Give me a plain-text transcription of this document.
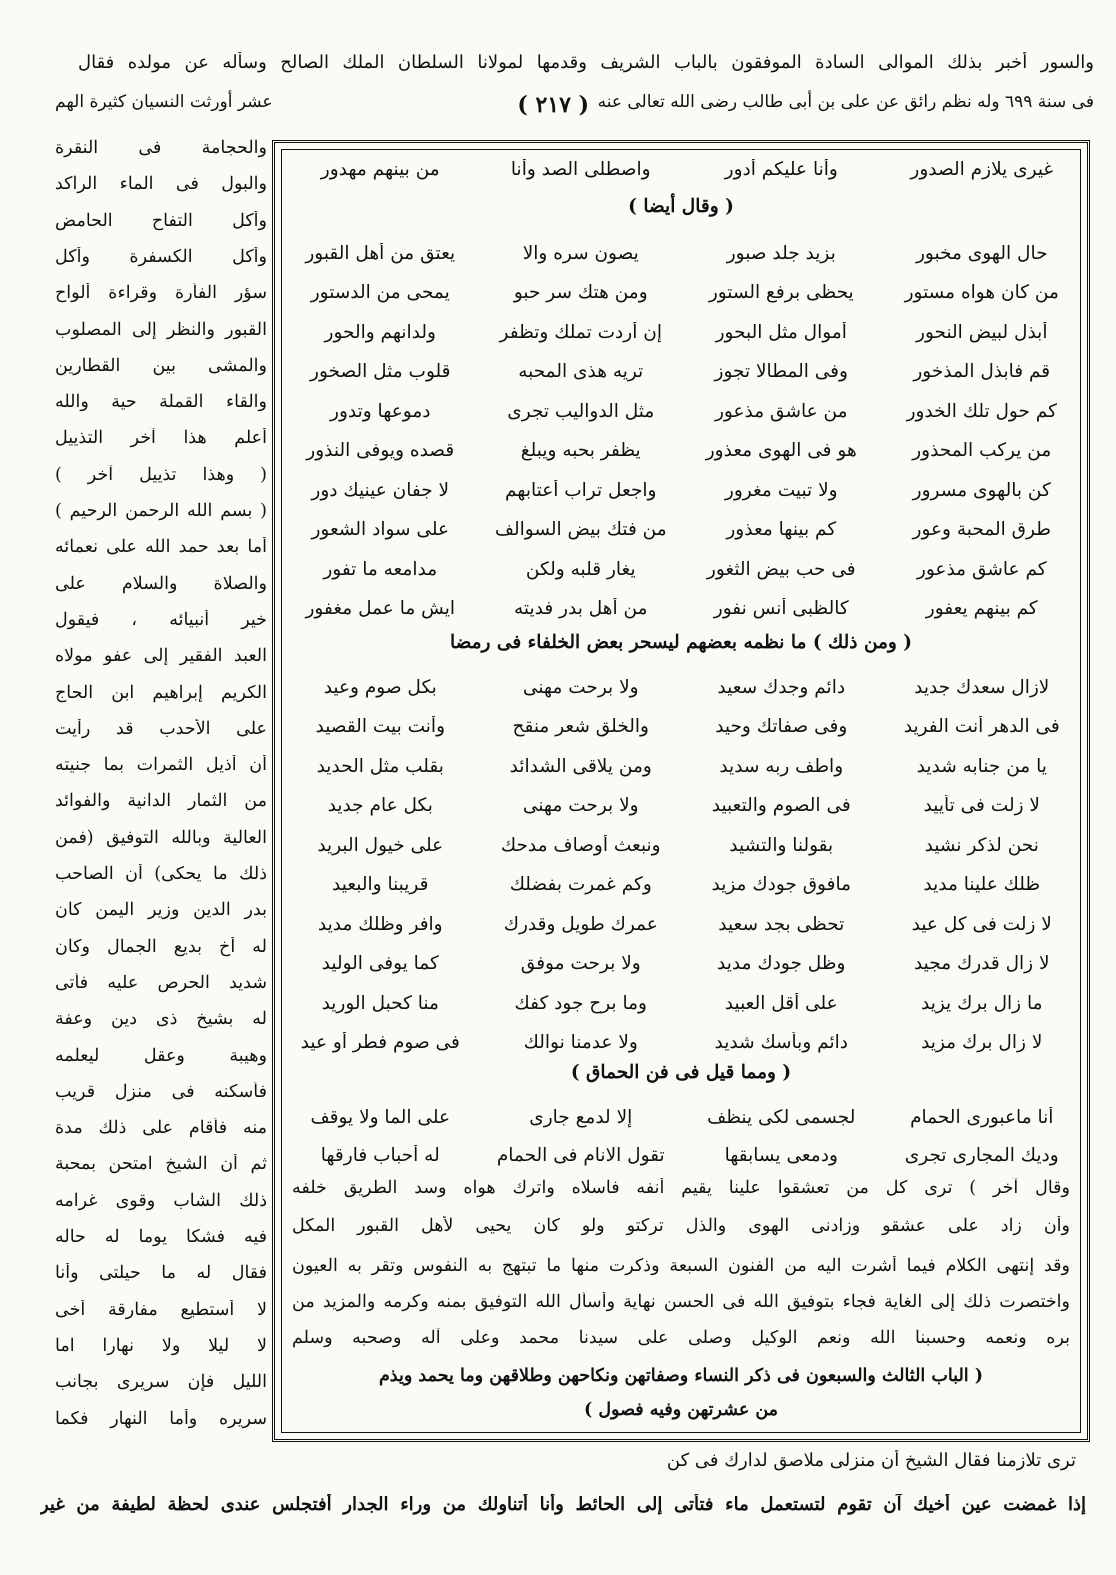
والسور أخبر بذلك الموالى السادة الموفقون بالباب الشريف وقدمها لمولانا السلطان الملك الصالح وسأله عن مولده فقال
فى سنة ٦٩٩ وله نظم رائق عن على بن أبى طالب رضى الله تعالى عنه
( ٢١٧ )
عشر أورثت النسيان كثيرة الهم
غيرى يلازم الصدور
وأنا عليكم أدور
واصطلى الصد وأنا
من بينهم مهدور
( وقال أيضا )
حال الهوى مخبور
بزيد جلد صبور
يصون سره والا
يعتق من أهل القبور
من كان هواه مستور
يحظى برفع الستور
ومن هتك سر حبو
يمحى من الدستور
أبذل لبيض النحور
أموال مثل البحور
إن أردت تملك وتظفر
ولدانهم والحور
قم فابذل المذخور
وفى المطالا تجوز
تريه هذى المحبه
قلوب مثل الصخور
كم حول تلك الخدور
من عاشق مذعور
مثل الدواليب تجرى
دموعها وتدور
من يركب المحذور
هو فى الهوى معذور
يظفر بحبه ويبلغ
قصده ويوفى النذور
كن بالهوى مسرور
ولا تبيت مغرور
واجعل تراب أعتابهم
لا جفان عينيك دور
طرق المحبة وعور
كم بينها معذور
من فتك بيض السوالف
على سواد الشعور
كم عاشق مذعور
فى حب بيض الثغور
يغار قلبه ولكن
مدامعه ما تفور
كم بينهم يعفور
كالظبى أنس نفور
من أهل بدر فديته
ايش ما عمل مغفور
( ومن ذلك ) ما نظمه بعضهم ليسحر بعض الخلفاء فى رمضا
لازال سعدك جديد
دائم وجدك سعيد
ولا برحت مهنى
بكل صوم وعيد
فى الدهر أنت الفريد
وفى صفاتك وحيد
والخلق شعر منقح
وأنت بيت القصيد
يا من جنابه شديد
واطف ربه سديد
ومن يلاقى الشدائد
بقلب مثل الحديد
لا زلت فى تأييد
فى الصوم والتعبيد
ولا برحت مهنى
بكل عام جديد
نحن لذكر نشيد
بقولنا والتشيد
ونبعث أوصاف مدحك
على خيول البريد
ظلك علينا مديد
مافوق جودك مزيد
وكم غمرت بفضلك
قريبنا والبعيد
لا زلت فى كل عيد
تحظى بجد سعيد
عمرك طويل وقدرك
وافر وظلك مديد
لا زال قدرك مجيد
وظل جودك مديد
ولا برحت موفق
كما يوفى الوليد
ما زال برك يزيد
على أقل العبيد
وما برح جود كفك
منا كحبل الوريد
لا زال برك مزيد
دائم وبأسك شديد
ولا عدمنا نوالك
فى صوم فطر أو عيد
( ومما قيل فى فن الحماق )
أنا ماعبورى الحمام
لجسمى لكى ينظف
إلا لدمع جارى
على الما ولا يوقف
وديك المجارى تجرى
ودمعى يسابقها
تقول الانام فى الحمام
له أحباب فارقها
وقال آخر ) ترى كل من تعشقوا علينا يقيم أنفه فاسلاه واترك هواه وسد الطريق خلفه
وأن زاد على عشقو وزادنى الهوى والذل تركتو ولو كان يحيى لأهل القبور المكل
وقد إنتهى الكلام فيما أشرت اليه من الفنون السبعة وذكرت منها ما تبتهج به النفوس وتقر به العيون
واختصرت ذلك إلى الغاية فجاء بتوفيق الله فى الحسن نهاية وأسأل الله التوفيق بمنه وكرمه والمزيد من
بره ونعمه وحسبنا الله ونعم الوكيل وصلى على سيدنا محمد وعلى آله وصحبه وسلم
( الباب الثالث والسبعون فى ذكر النساء وصفاتهن ونكاحهن وطلاقهن وما يحمد ويذم
من عشرتهن وفيه فصول )
والحجامة فى النقرة
والبول فى الماء الراكد
وأكل التفاح الحامض
وأكل الكسفرة وأكل
سؤر الفأرة وقراءة ألواح
القبور والنظر إلى المصلوب
والمشى بين القطارين
والقاء القملة حية والله
أعلم هذا آخر التذييل
( وهذا تذييل آخر )
( بسم الله الرحمن الرحيم )
أما بعد حمد الله على نعمائه
والصلاة والسلام على
خير أنبيائه ، فيقول
العبد الفقير إلى عفو مولاه
الكريم إبراهيم ابن الحاج
على الأحدب قد رأيت
أن أذيل الثمرات بما جنيته
من الثمار الدانية والفوائد
العالية وبالله التوفيق (فمن
ذلك ما يحكى) أن الصاحب
بدر الدين وزير اليمن كان
له أخ بديع الجمال وكان
شديد الحرص عليه فأتى
له بشيخ ذى دين وعفة
وهيبة وعقل ليعلمه
فأسكنه فى منزل قريب
منه فأقام على ذلك مدة
ثم أن الشيخ امتحن بمحبة
ذلك الشاب وقوى غرامه
فيه فشكا يوما له حاله
فقال له ما حيلتى وأنا
لا أستطيع مفارقة أخى
لا ليلا ولا نهارا اما
الليل فإن سريرى بجانب
سريره وأما النهار فكما
ترى تلازمنا فقال الشيخ أن منزلى ملاصق لدارك فى كن
إذا غمضت عين أخيك آن تقوم لتستعمل ماء فتأتى إلى الحائط وأنا أتناولك من وراء الجدار أفتجلس عندى لحظة لطيفة من غير
